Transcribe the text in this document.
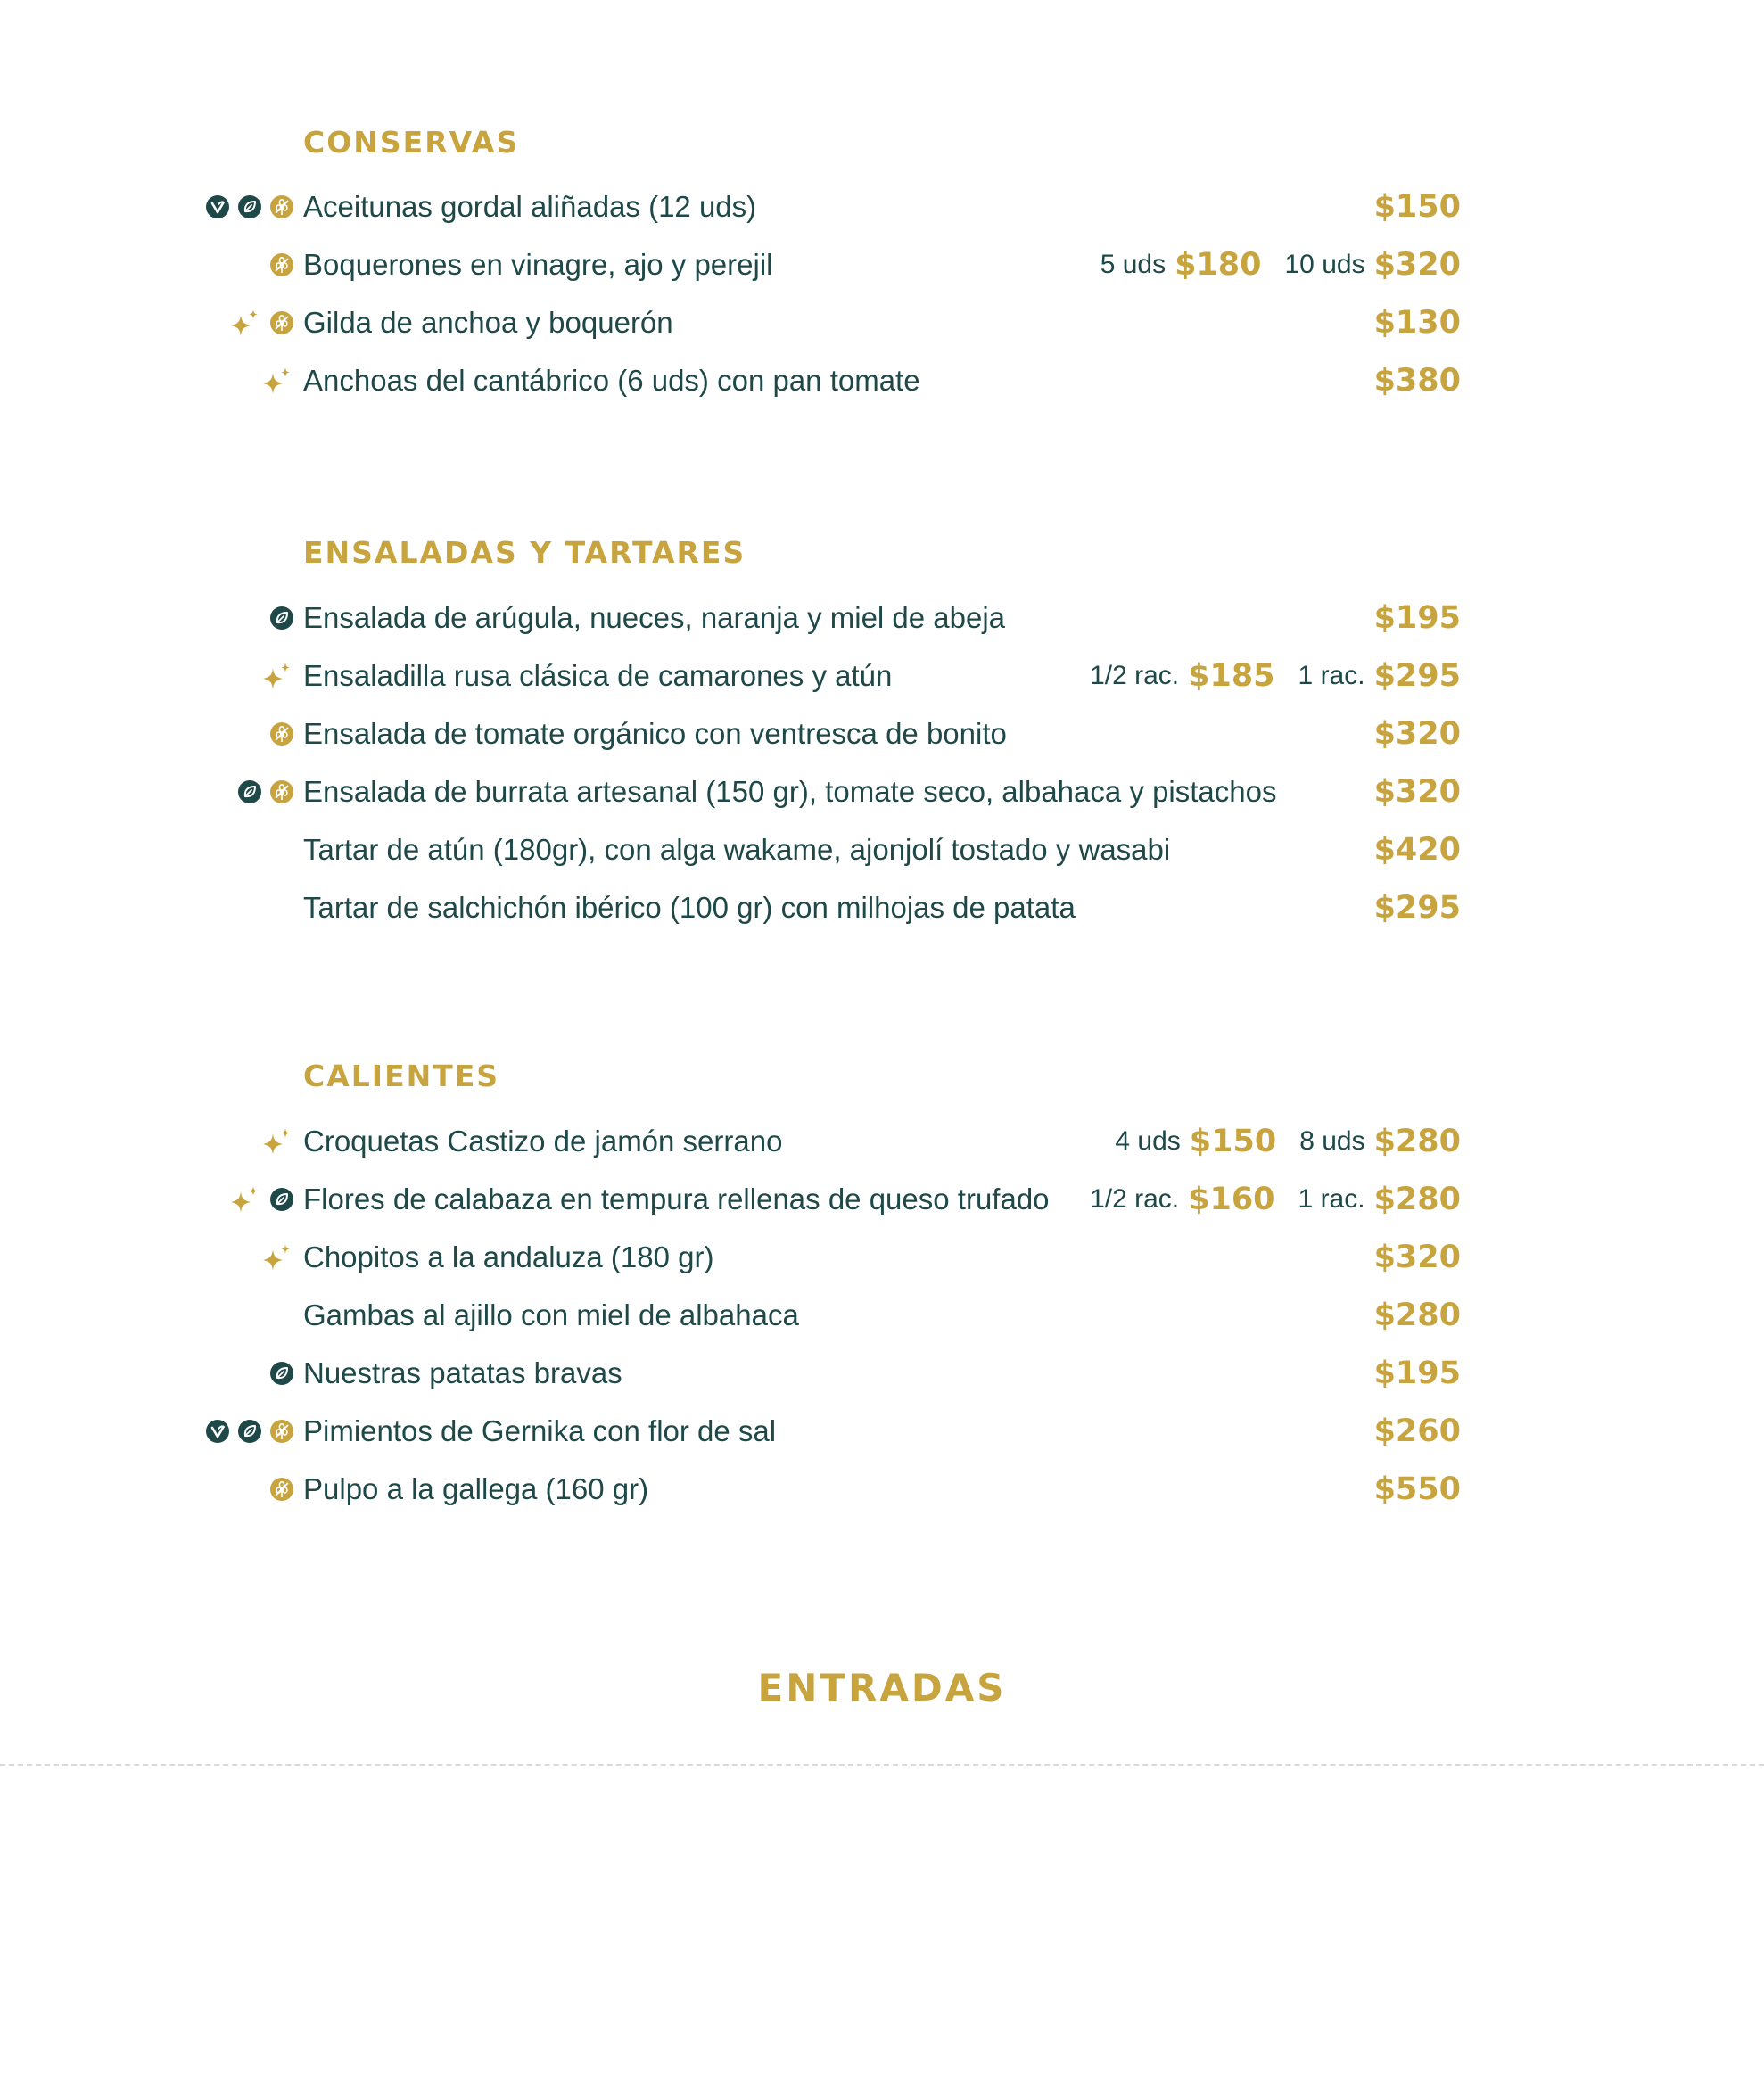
CONSERVAS
Aceitunas gordal aliñadas (12 uds)	$150
Boquerones en vinagre, ajo y perejil	5 uds $180 10 uds $320
Gilda de anchoa y boquerón	$130
Anchoas del cantábrico (6 uds) con pan tomate	$380
ENSALADAS Y TARTARES
Ensalada de arúgula, nueces, naranja y miel de abeja	$195
Ensaladilla rusa clásica de camarones y atún	1/2 rac. $185 1 rac. $295
Ensalada de tomate orgánico con ventresca de bonito	$320
Ensalada de burrata artesanal (150 gr), tomate seco, albahaca y pistachos	$320
Tartar de atún (180gr), con alga wakame, ajonjolí tostado y wasabi	$420
Tartar de salchichón ibérico (100 gr) con milhojas de patata	$295
CALIENTES
Croquetas Castizo de jamón serrano	4 uds $150 8 uds $280
Flores de calabaza en tempura rellenas de queso trufado 1/2 rac. $160 1 rac. $280
Chopitos a la andaluza (180 gr)	$320
Gambas al ajillo con miel de albahaca	$280
Nuestras patatas bravas	$195
Pimientos de Gernika con flor de sal	$260
Pulpo a la gallega (160 gr)	$550
ENTRADAS
